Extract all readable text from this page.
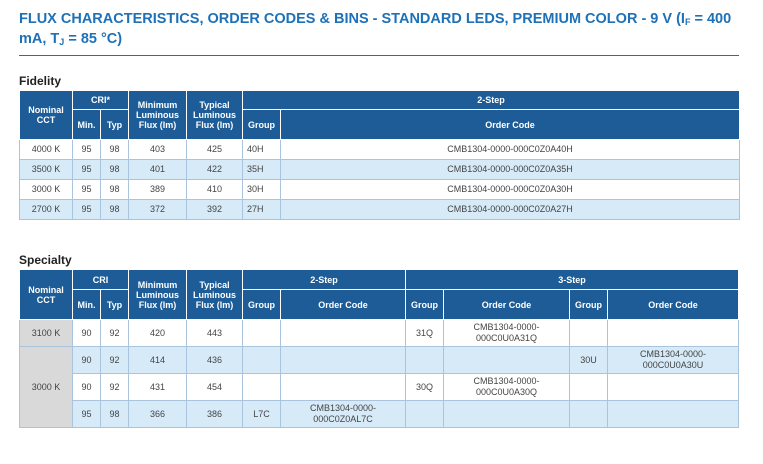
FLUX CHARACTERISTICS, ORDER CODES & BINS - STANDARD LEDS, PREMIUM COLOR - 9 V ($I_F = 400$ mA, $T_J = 85$ °C)
Fidelity
Nominal CCT	CRI*		Minimum Luminous Flux (lm)	Typical Luminous Flux (lm)	2-Step	
	Min.	Typ			Group	Order Code
4000 K	95	98	403	425	40H	CMB1304-0000-000C0Z0A40H
3500 K	95	98	401	422	35H	CMB1304-0000-000C0Z0A35H
3000 K	95	98	389	410	30H	CMB1304-0000-000C0Z0A30H
2700 K	95	98	372	392	27H	CMB1304-0000-000C0Z0A27H
Specialty
Nominal CCT	CRI		Minimum Luminous Flux (lm)	Typical Luminous Flux (lm)	2-Step		3-Step			
	Min.	Typ			Group	Order Code	Group	Order Code	Group	Order Code
3100 K	90	92	420	443			31Q	CMB1304-0000-000C0U0A31Q		
3000 K	90	92	414	436					30U	CMB1304-0000-000C0U0A30U
	90	92	431	454			30Q	CMB1304-0000-000C0U0A30Q		
	95	98	366	386	L7C	CMB1304-0000-000C0Z0AL7C				
